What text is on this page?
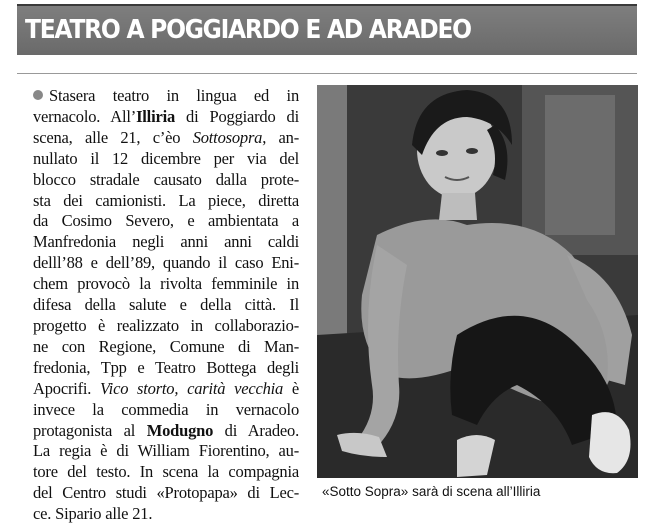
TEATRO A POGGIARDO E AD ARADEO
Stasera teatro in lingua ed in
vernacolo. All’Illiria di Poggiardo di
scena, alle 21, c’èo Sottosopra, an-
nullato il 12 dicembre per via del
blocco stradale causato dalla prote-
sta dei camionisti. La piece, diretta
da Cosimo Severo, e ambientata a
Manfredonia negli anni anni caldi
delll’88 e dell’89, quando il caso Eni-
chem provocò la rivolta femminile in
difesa della salute e della città. Il
progetto è realizzato in collaborazio-
ne con Regione, Comune di Man-
fredonia, Tpp e Teatro Bottega degli
Apocrifi. Vico storto, carità vecchia è
invece la commedia in vernacolo
protagonista al Modugno di Aradeo.
La regia è di William Fiorentino, au-
tore del testo. In scena la compagnia
del Centro studi «Protopapa» di Lec-
ce. Sipario alle 21.
«Sotto Sopra» sarà di scena all’Illiria
